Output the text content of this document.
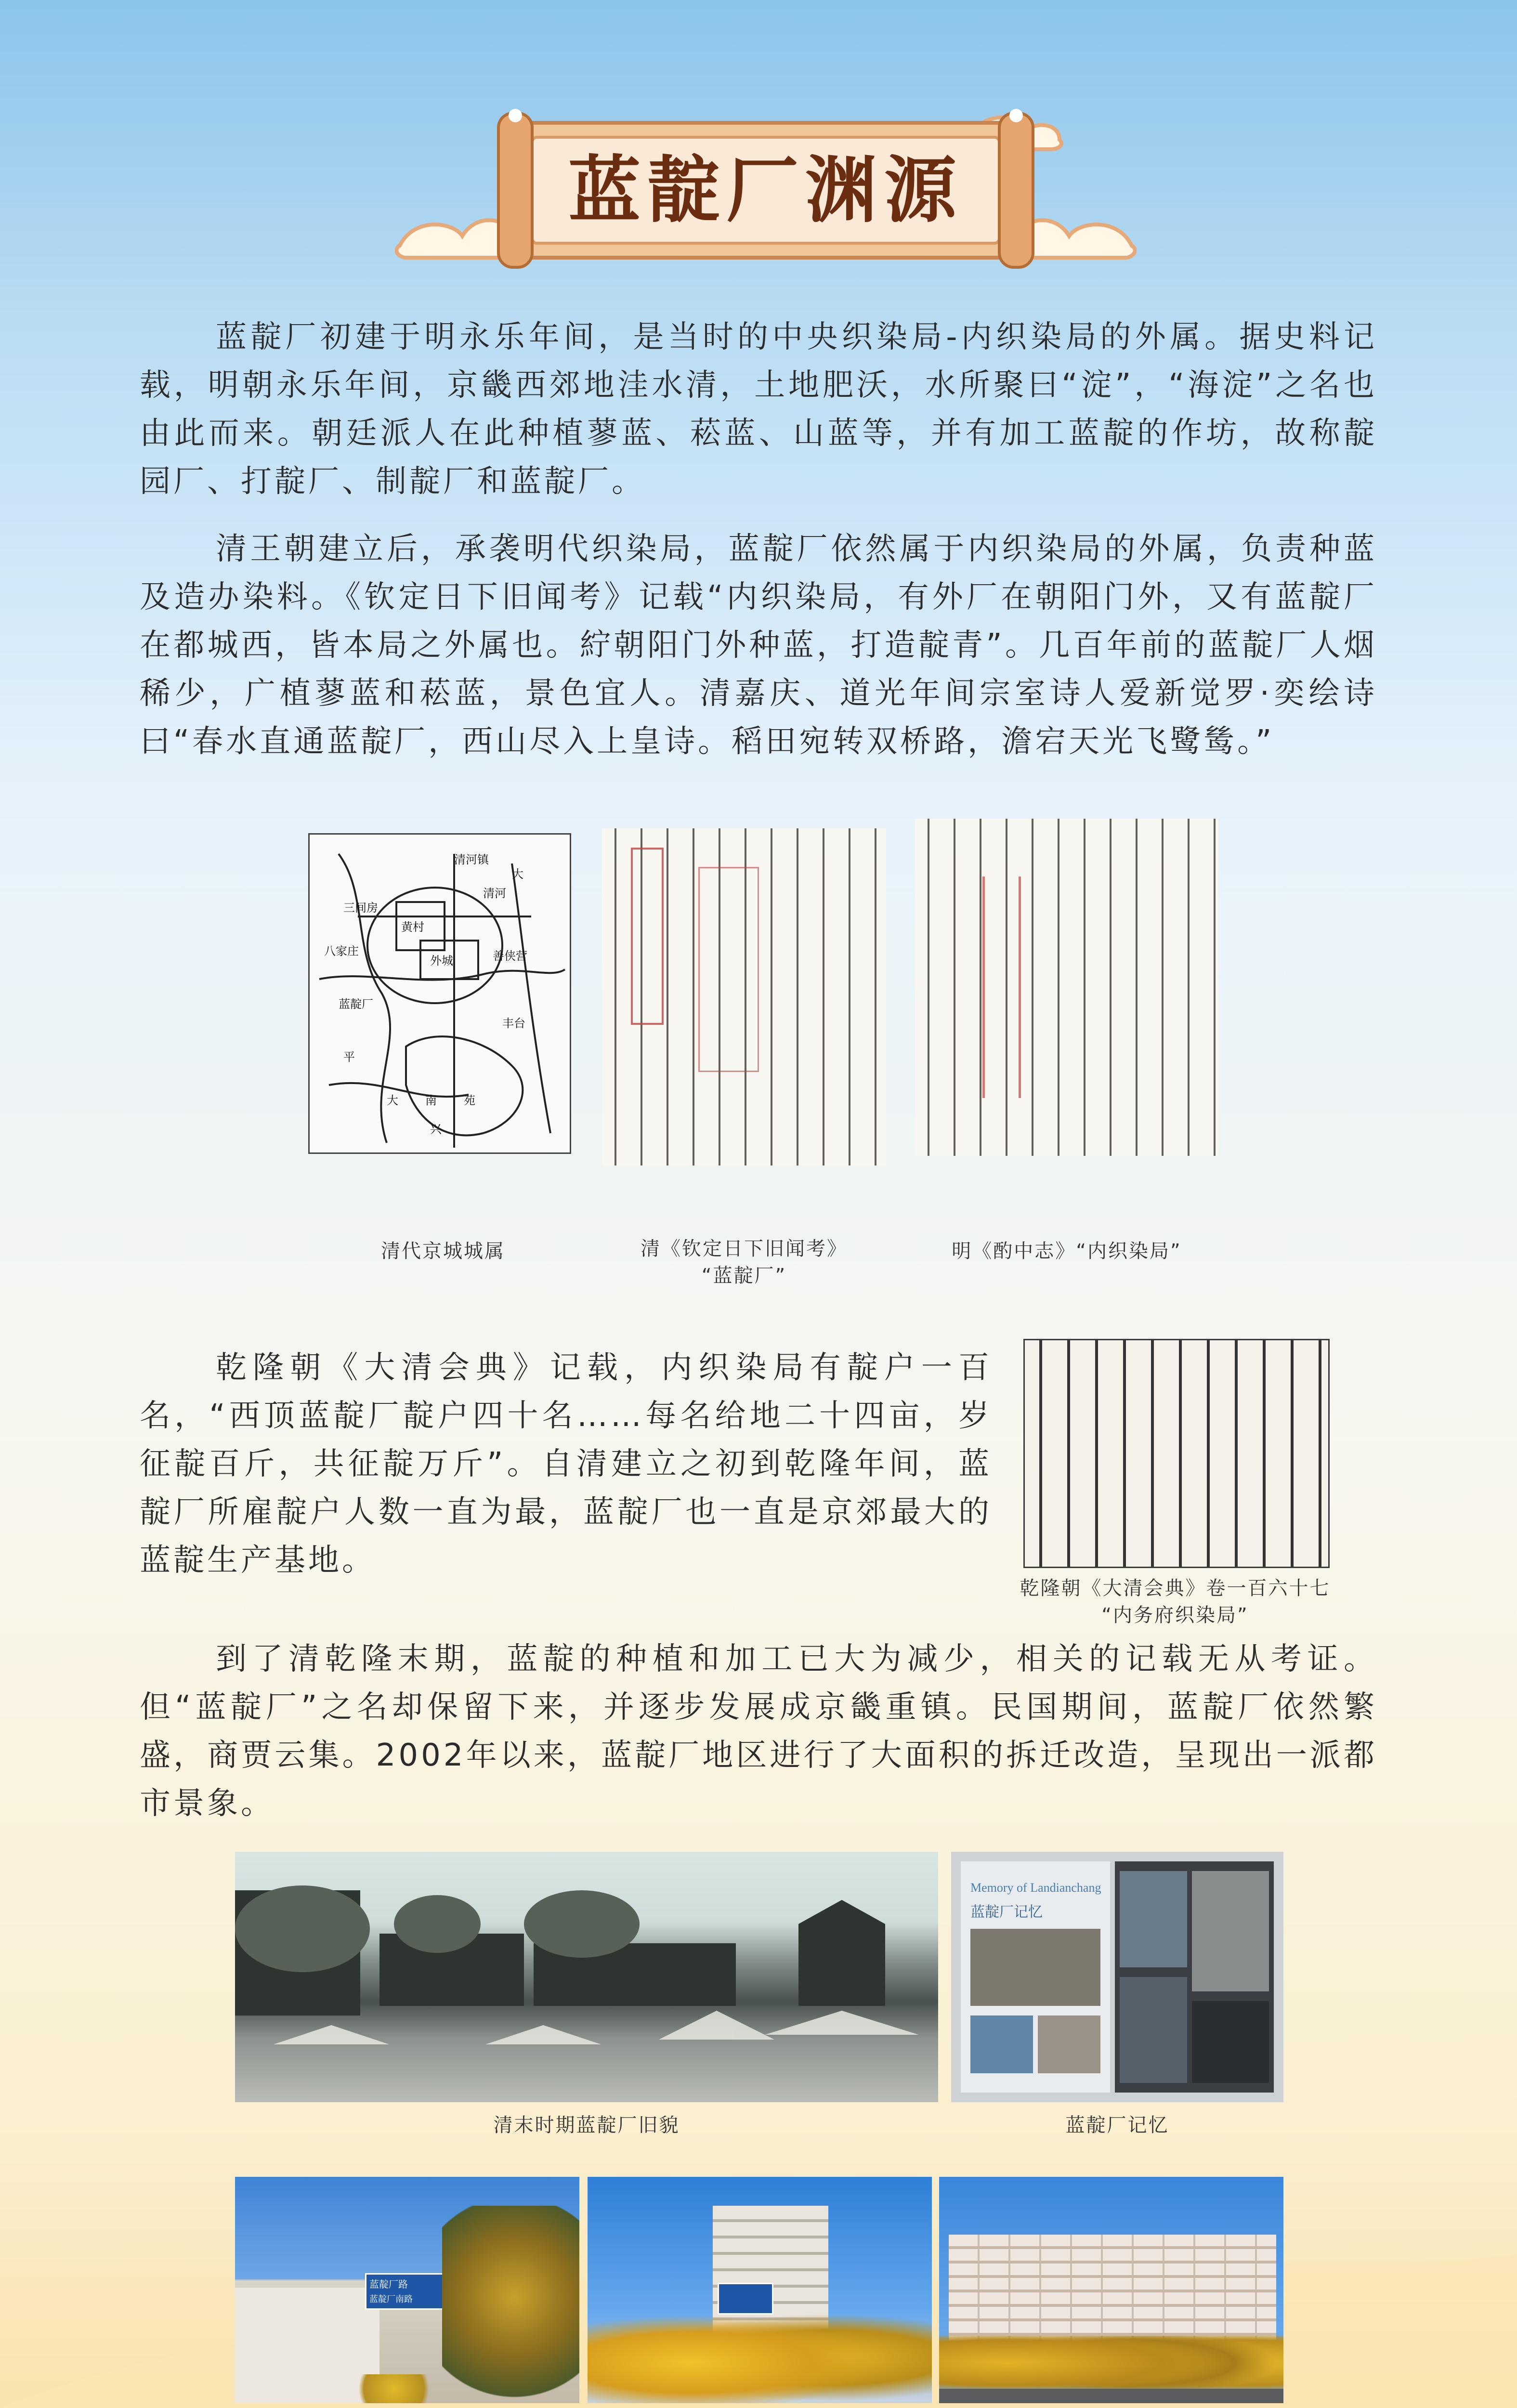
蓝靛厂渊源

蓝靛厂初建于明永乐年间，是当时的中央织染局-内织染局的外属。据史料记载，明朝永乐年间，京畿西郊地洼水清，土地肥沃，水所聚曰“淀”，“海淀”之名也由此而来。朝廷派人在此种植蓼蓝、菘蓝、山蓝等，并有加工蓝靛的作坊，故称靛园厂、打靛厂、制靛厂和蓝靛厂。

清王朝建立后，承袭明代织染局，蓝靛厂依然属于内织染局的外属，负责种蓝及造办染料。《钦定日下旧闻考》记载“内织染局，有外厂在朝阳门外，又有蓝靛厂在都城西，皆本局之外属也。紵朝阳门外种蓝，打造靛青”。几百年前的蓝靛厂人烟稀少，广植蓼蓝和菘蓝，景色宜人。清嘉庆、道光年间宗室诗人爱新觉罗·奕绘诗曰“春水直通蓝靛厂，西山尽入上皇诗。稻田宛转双桥路，澹宕天光飞鹭鸶。”

清河镇
大
三间房
清河
黄村
八家庄
外城
蓝靛厂
善侠营
平
大 南 苑
兴
丰台
清代京城城属	清《钦定日下旧闻考》
“蓝靛厂”
明《酌中志》“内织染局”

乾隆朝《大清会典》记载，内织染局有靛户一百名，“西顶蓝靛厂靛户四十名……每名给地二十四亩，岁征靛百斤，共征靛万斤”。自清建立之初到乾隆年间，蓝靛厂所雇靛户人数一直为最，蓝靛厂也一直是京郊最大的蓝靛生产基地。

乾隆朝《大清会典》卷一百六十七
“内务府织染局”

到了清乾隆末期，蓝靛的种植和加工已大为减少，相关的记载无从考证。但“蓝靛厂”之名却保留下来，并逐步发展成京畿重镇。民国期间，蓝靛厂依然繁盛，商贾云集。2002年以来，蓝靛厂地区进行了大面积的拆迁改造，呈现出一派都市景象。

清末时期蓝靛厂旧貌
Memory of Landianchang
蓝靛厂记忆
蓝靛厂记忆
蓝靛厂路
蓝靛厂南路
